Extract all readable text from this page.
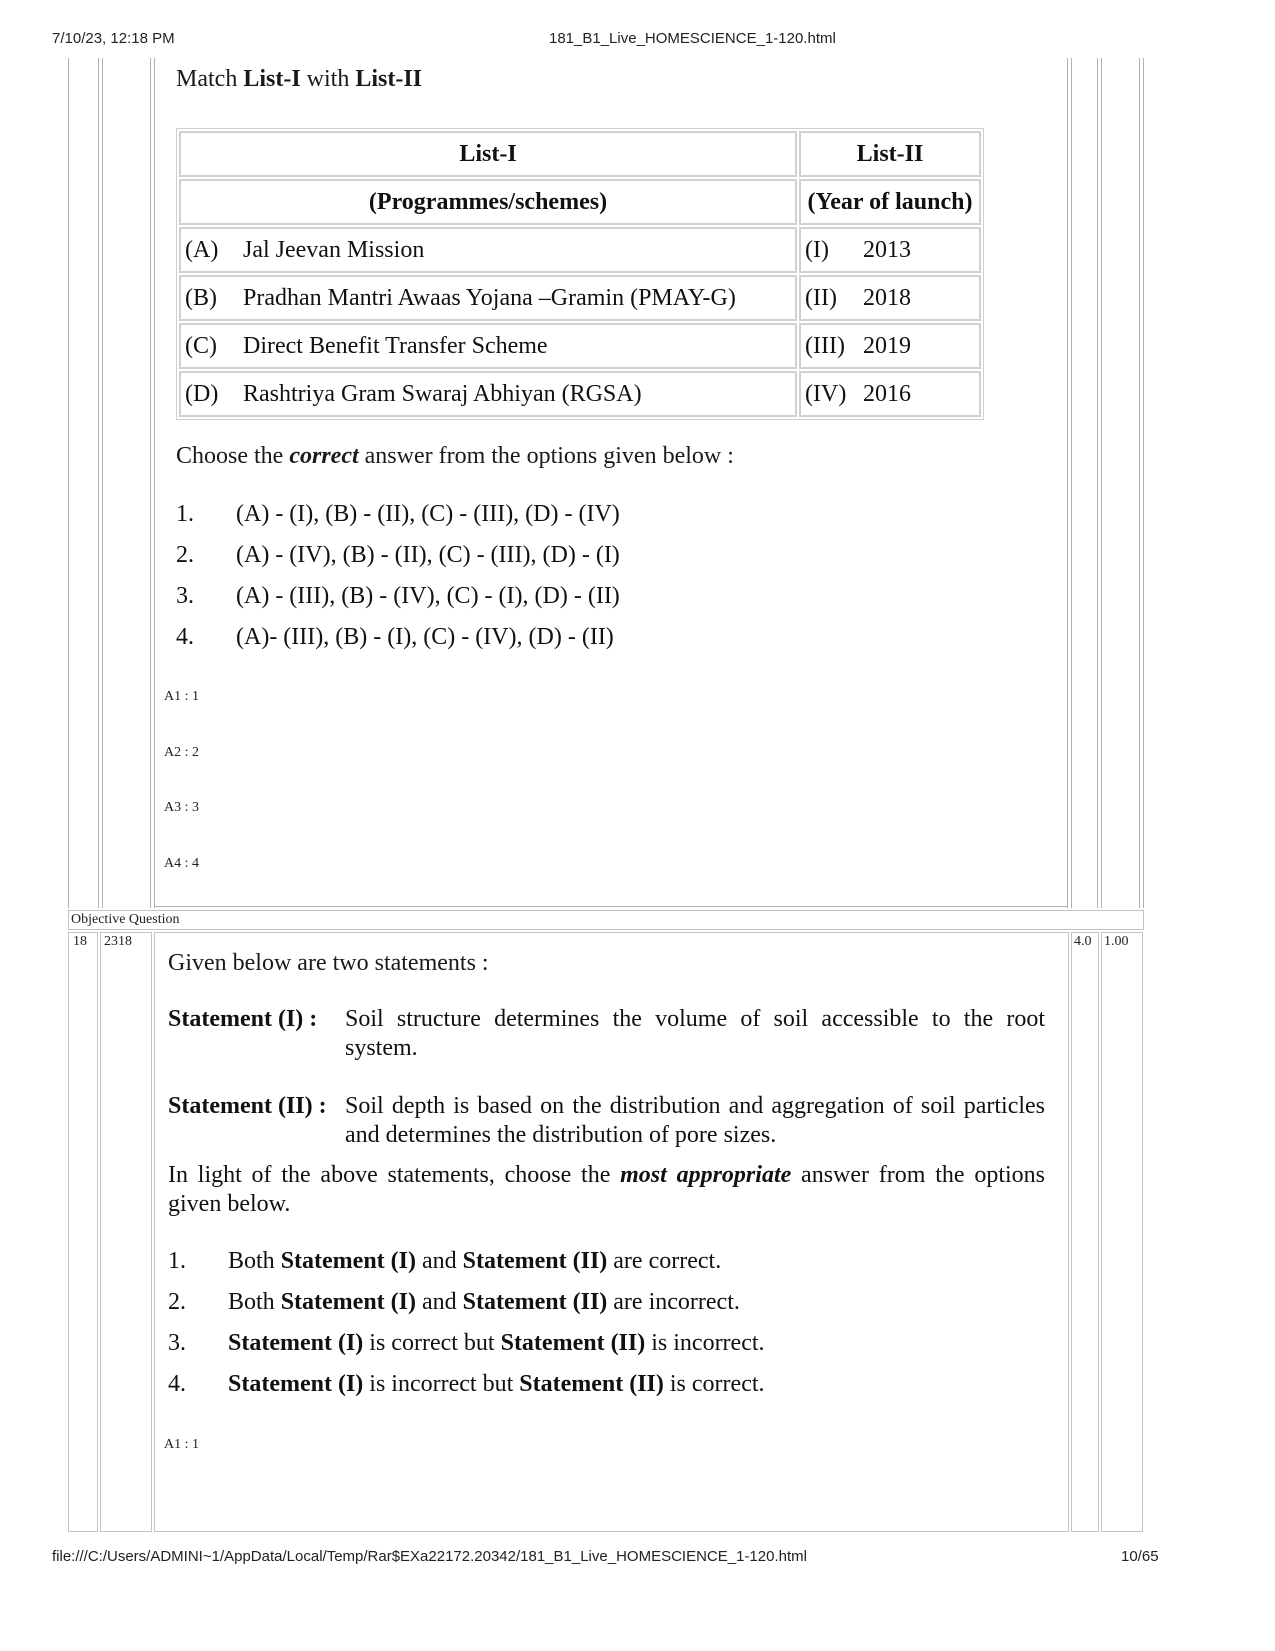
7/10/23, 12:18 PM	181_B1_Live_HOMESCIENCE_1-120.html
Match List-I with List-II
List-I	List-II
(Programmes/schemes)	(Year of launch)
(A) Jal Jeevan Mission	(I) 2013
(B) Pradhan Mantri Awaas Yojana –Gramin (PMAY-G)	(II) 2018
(C) Direct Benefit Transfer Scheme	(III) 2019
(D) Rashtriya Gram Swaraj Abhiyan (RGSA)	(IV) 2016
Choose the correct answer from the options given below :
1. (A) - (I), (B) - (II), (C) - (III), (D) - (IV)
2. (A) - (IV), (B) - (II), (C) - (III), (D) - (I)
3. (A) - (III), (B) - (IV), (C) - (I), (D) - (II)
4. (A)- (III), (B) - (I), (C) - (IV), (D) - (II)
A1 : 1
A2 : 2
A3 : 3
A4 : 4
Objective Question
18 2318	4.0 1.00
Given below are two statements :
Statement (I) : Soil structure determines the volume of soil accessible to the root
system.
Statement (II) : Soil depth is based on the distribution and aggregation of soil particles
and determines the distribution of pore sizes.
In light of the above statements, choose the most appropriate answer from the options
given below.
1. Both Statement (I) and Statement (II) are correct.
2. Both Statement (I) and Statement (II) are incorrect.
3. Statement (I) is correct but Statement (II) is incorrect.
4. Statement (I) is incorrect but Statement (II) is correct.
A1 : 1
file:///C:/Users/ADMINI~1/AppData/Local/Temp/Rar$EXa22172.20342/181_B1_Live_HOMESCIENCE_1-120.html	10/65
